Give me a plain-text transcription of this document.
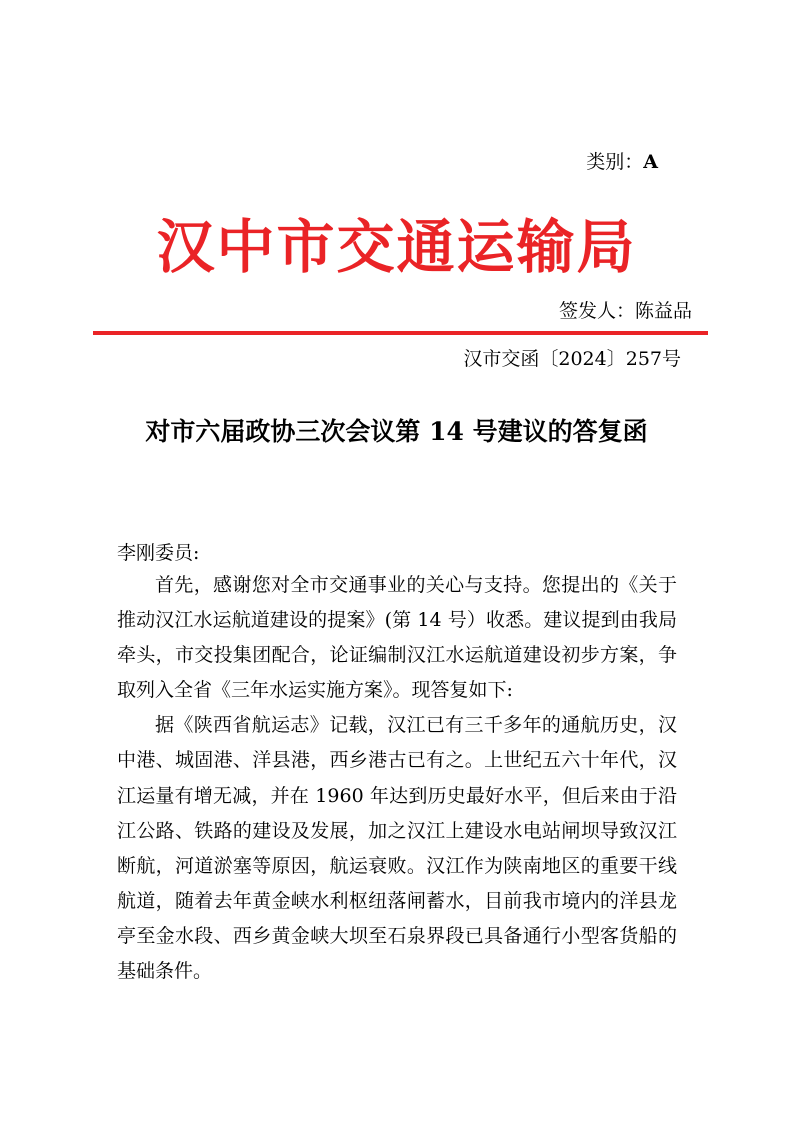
类别：A
汉中市交通运输局
签发人：陈益品
汉市交函〔2024〕257号
对市六届政协三次会议第 14 号建议的答复函
李刚委员:

首先，感谢您对全市交通事业的关心与支持。您提出的《关于推动汉江水运航道建设的提案》(第 14 号）收悉。建议提到由我局牵头，市交投集团配合，论证编制汉江水运航道建设初步方案，争取列入全省《三年水运实施方案》。现答复如下:

据《陕西省航运志》记载，汉江已有三千多年的通航历史，汉中港、城固港、洋县港，西乡港古已有之。上世纪五六十年代，汉江运量有增无减，并在 1960 年达到历史最好水平，但后来由于沿江公路、铁路的建设及发展，加之汉江上建设水电站闸坝导致汉江断航，河道淤塞等原因，航运衰败。汉江作为陕南地区的重要干线航道，随着去年黄金峡水利枢纽落闸蓄水，目前我市境内的洋县龙亭至金水段、西乡黄金峡大坝至石泉界段已具备通行小型客货船的基础条件。
